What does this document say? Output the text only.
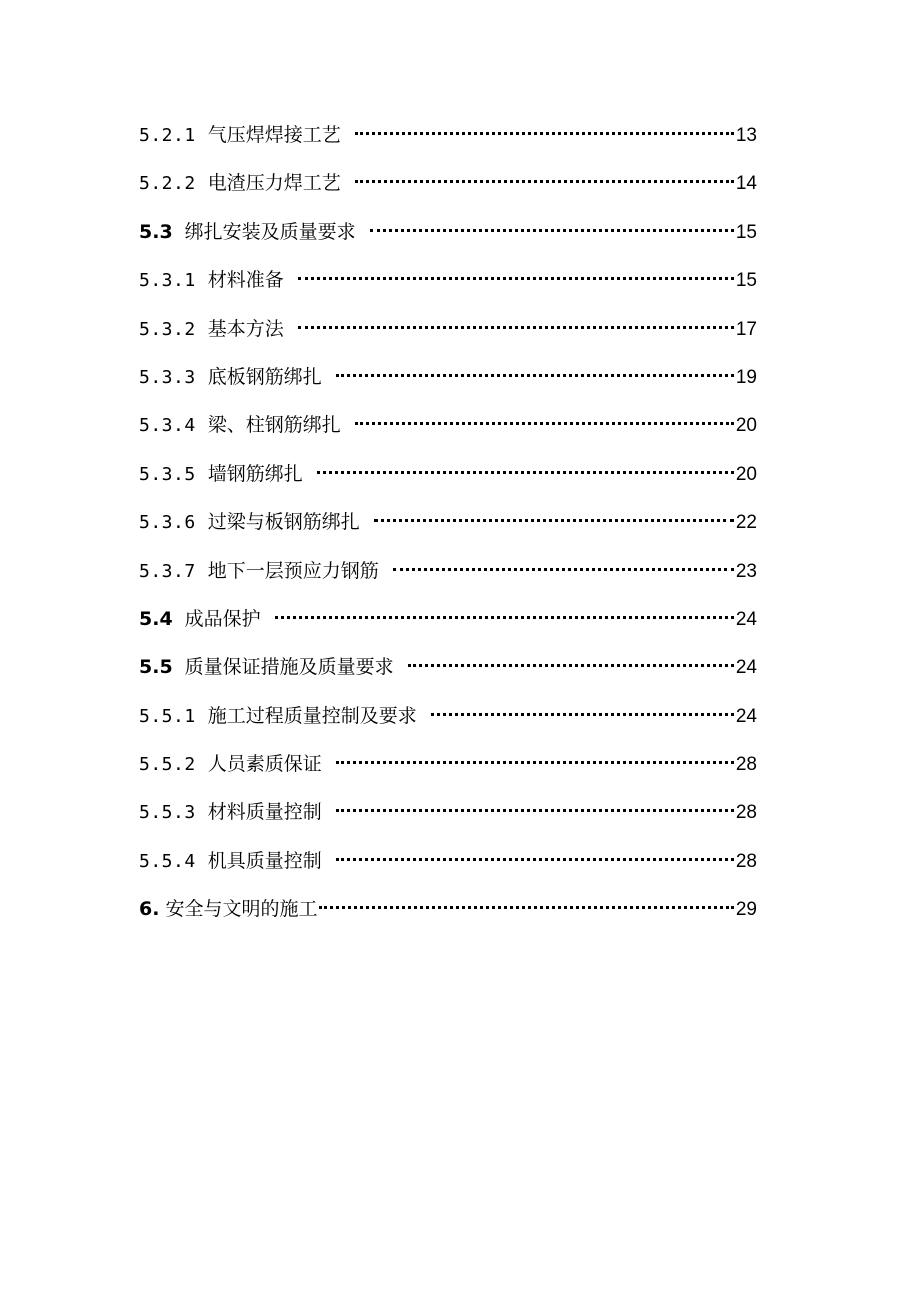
5.2.1 气压焊焊接工艺	13
5.2.2 电渣压力焊工艺	14
5.3 绑扎安装及质量要求	15
5.3.1 材料准备	15
5.3.2 基本方法	17
5.3.3 底板钢筋绑扎	19
5.3.4 梁、柱钢筋绑扎	20
5.3.5 墙钢筋绑扎	20
5.3.6 过梁与板钢筋绑扎	22
5.3.7 地下一层预应力钢筋	23
5.4 成品保护	24
5.5 质量保证措施及质量要求	24
5.5.1 施工过程质量控制及要求	24
5.5.2 人员素质保证	28
5.5.3 材料质量控制	28
5.5.4 机具质量控制	28
6. 安全与文明的施工	29
